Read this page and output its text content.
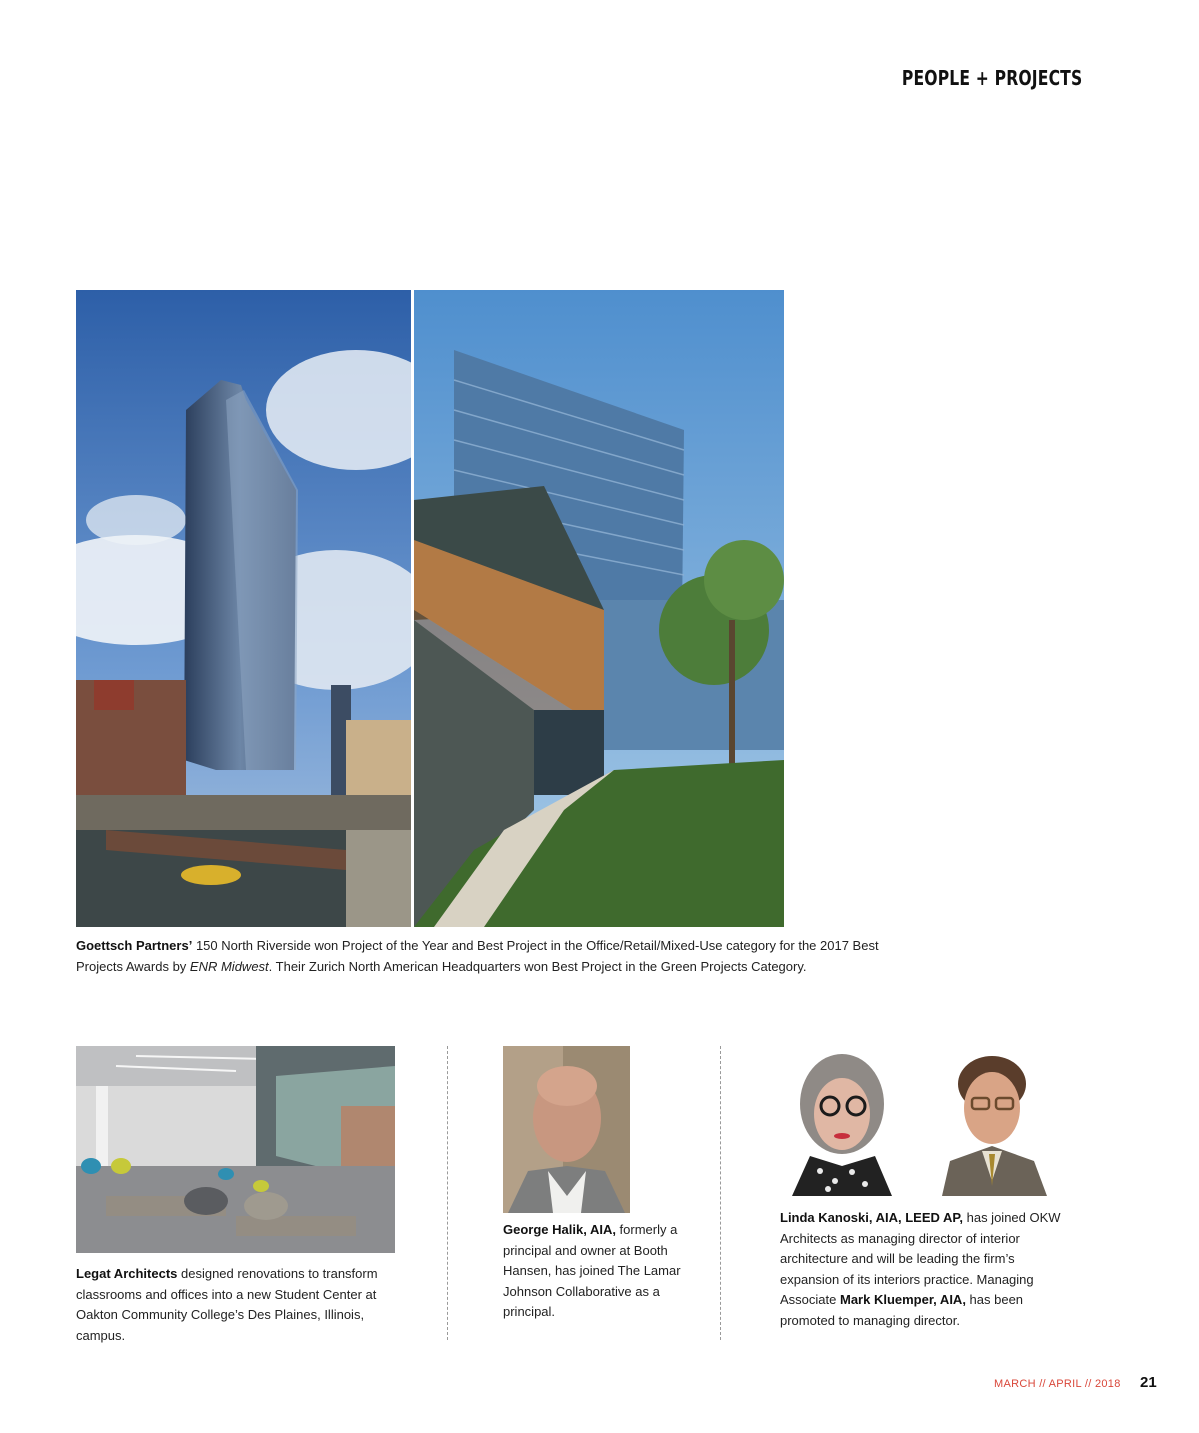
PEOPLE + PROJECTS
Goettsch Partners’ 150 North Riverside won Project of the Year and Best Project in the Office/Retail/Mixed-Use category for the 2017 Best Projects Awards by ENR Midwest. Their Zurich North American Headquarters won Best Project in the Green Projects Category.
Legat Architects designed renovations to transform classrooms and offices into a new Student Center at Oakton Community College’s Des Plaines, Illinois, campus.
George Halik, AIA, formerly a principal and owner at Booth Hansen, has joined The Lamar Johnson Collaborative as a principal.
Linda Kanoski, AIA, LEED AP, has joined OKW Architects as managing director of interior architecture and will be leading the firm’s expansion of its interiors practice. Managing Associate Mark Kluemper, AIA, has been promoted to managing director.
MARCH // APRIL // 2018 21
